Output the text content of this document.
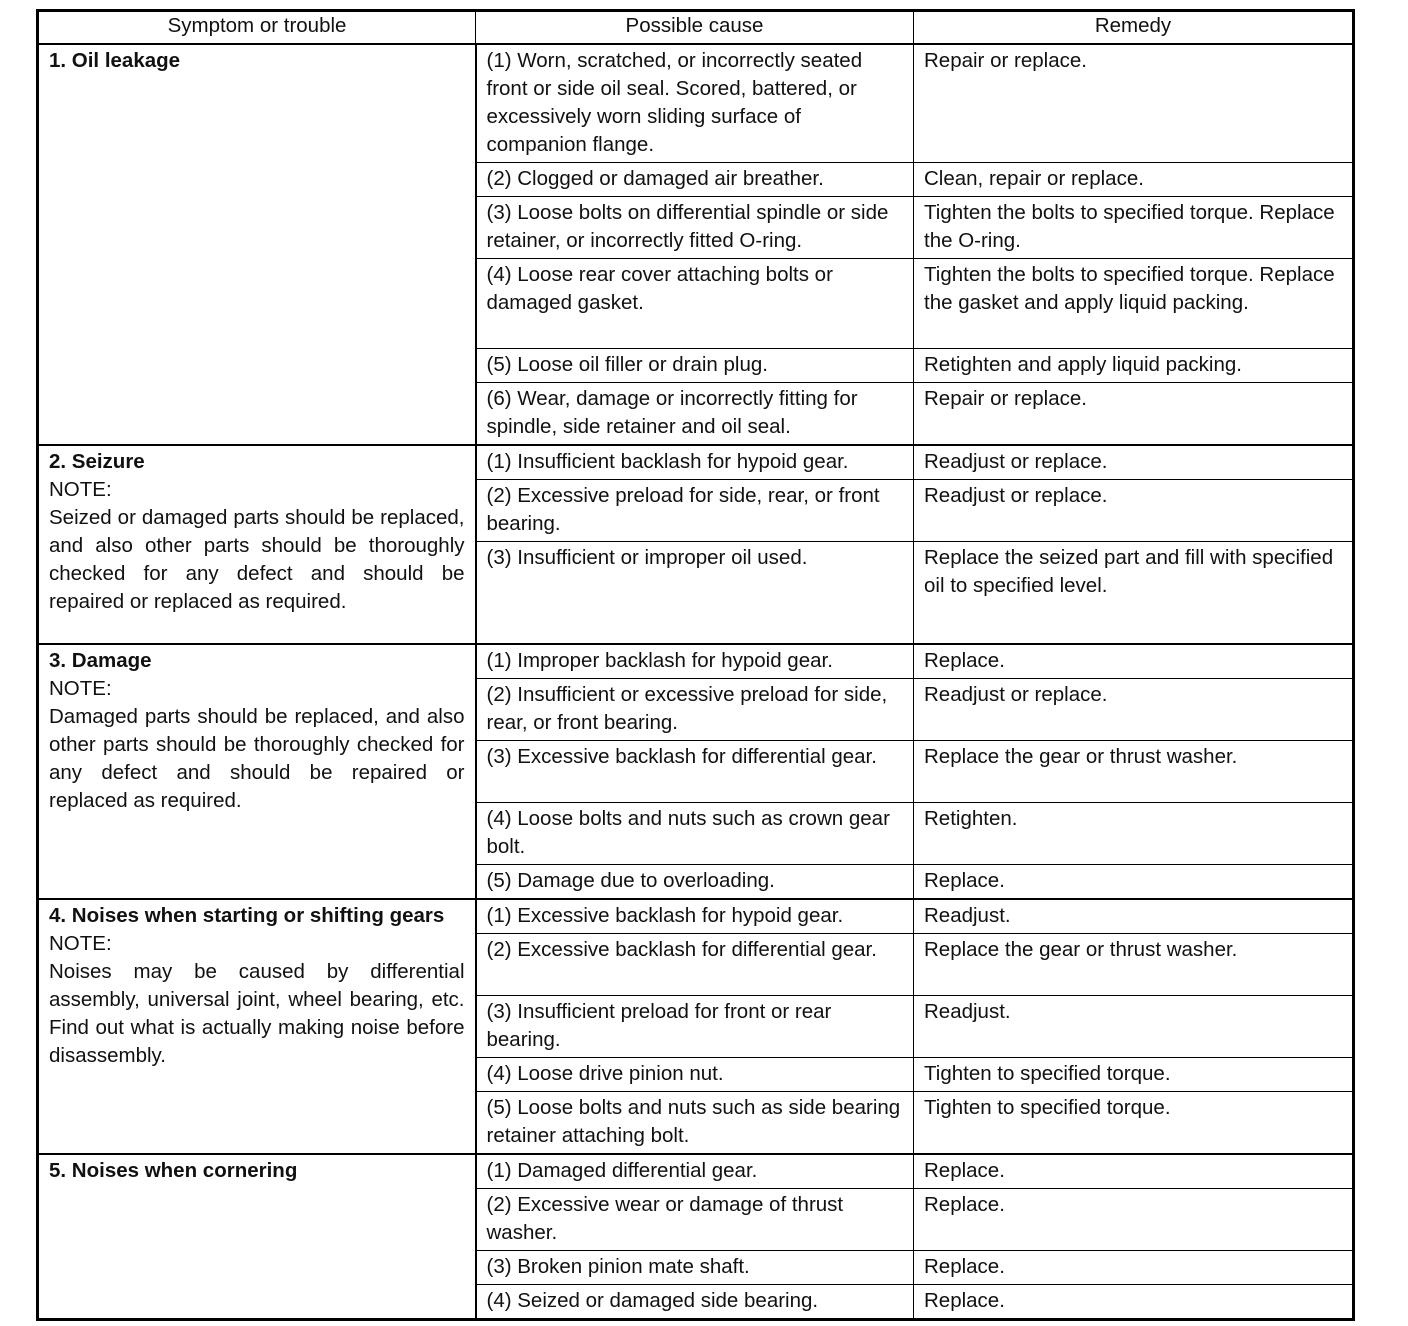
Symptom or trouble	Possible cause	Remedy

1. Oil leakage	(1) Worn, scratched, or incorrectly seated front or side oil seal. Scored, battered, or excessively worn sliding surface of companion flange.	Repair or replace.
	(2) Clogged or damaged air breather.	Clean, repair or replace.
	(3) Loose bolts on differential spindle or side retainer, or incorrectly fitted O-ring.	Tighten the bolts to specified torque. Replace the O-ring.
	(4) Loose rear cover attaching bolts or damaged gasket.	Tighten the bolts to specified torque. Replace the gasket and apply liquid packing.
	(5) Loose oil filler or drain plug.	Retighten and apply liquid packing.
	(6) Wear, damage or incorrectly fitting for spindle, side retainer and oil seal.	Repair or replace.

2. Seizure
NOTE:
Seized or damaged parts should be replaced, and also other parts should be thoroughly checked for any defect and should be repaired or replaced as required.	(1) Insufficient backlash for hypoid gear.	Readjust or replace.
	(2) Excessive preload for side, rear, or front bearing.	Readjust or replace.
	(3) Insufficient or improper oil used.	Replace the seized part and fill with specified oil to specified level.

3. Damage
NOTE:
Damaged parts should be replaced, and also other parts should be thoroughly checked for any defect and should be repaired or replaced as required.	(1) Improper backlash for hypoid gear.	Replace.
	(2) Insufficient or excessive preload for side, rear, or front bearing.	Readjust or replace.
	(3) Excessive backlash for differential gear.	Replace the gear or thrust washer.
	(4) Loose bolts and nuts such as crown gear bolt.	Retighten.
	(5) Damage due to overloading.	Replace.

4. Noises when starting or shifting gears
NOTE:
Noises may be caused by differential assembly, universal joint, wheel bearing, etc. Find out what is actually making noise before disassembly.	(1) Excessive backlash for hypoid gear.	Readjust.
	(2) Excessive backlash for differential gear.	Replace the gear or thrust washer.
	(3) Insufficient preload for front or rear bearing.	Readjust.
	(4) Loose drive pinion nut.	Tighten to specified torque.
	(5) Loose bolts and nuts such as side bearing retainer attaching bolt.	Tighten to specified torque.

5. Noises when cornering	(1) Damaged differential gear.	Replace.
	(2) Excessive wear or damage of thrust washer.	Replace.
	(3) Broken pinion mate shaft.	Replace.
	(4) Seized or damaged side bearing.	Replace.
